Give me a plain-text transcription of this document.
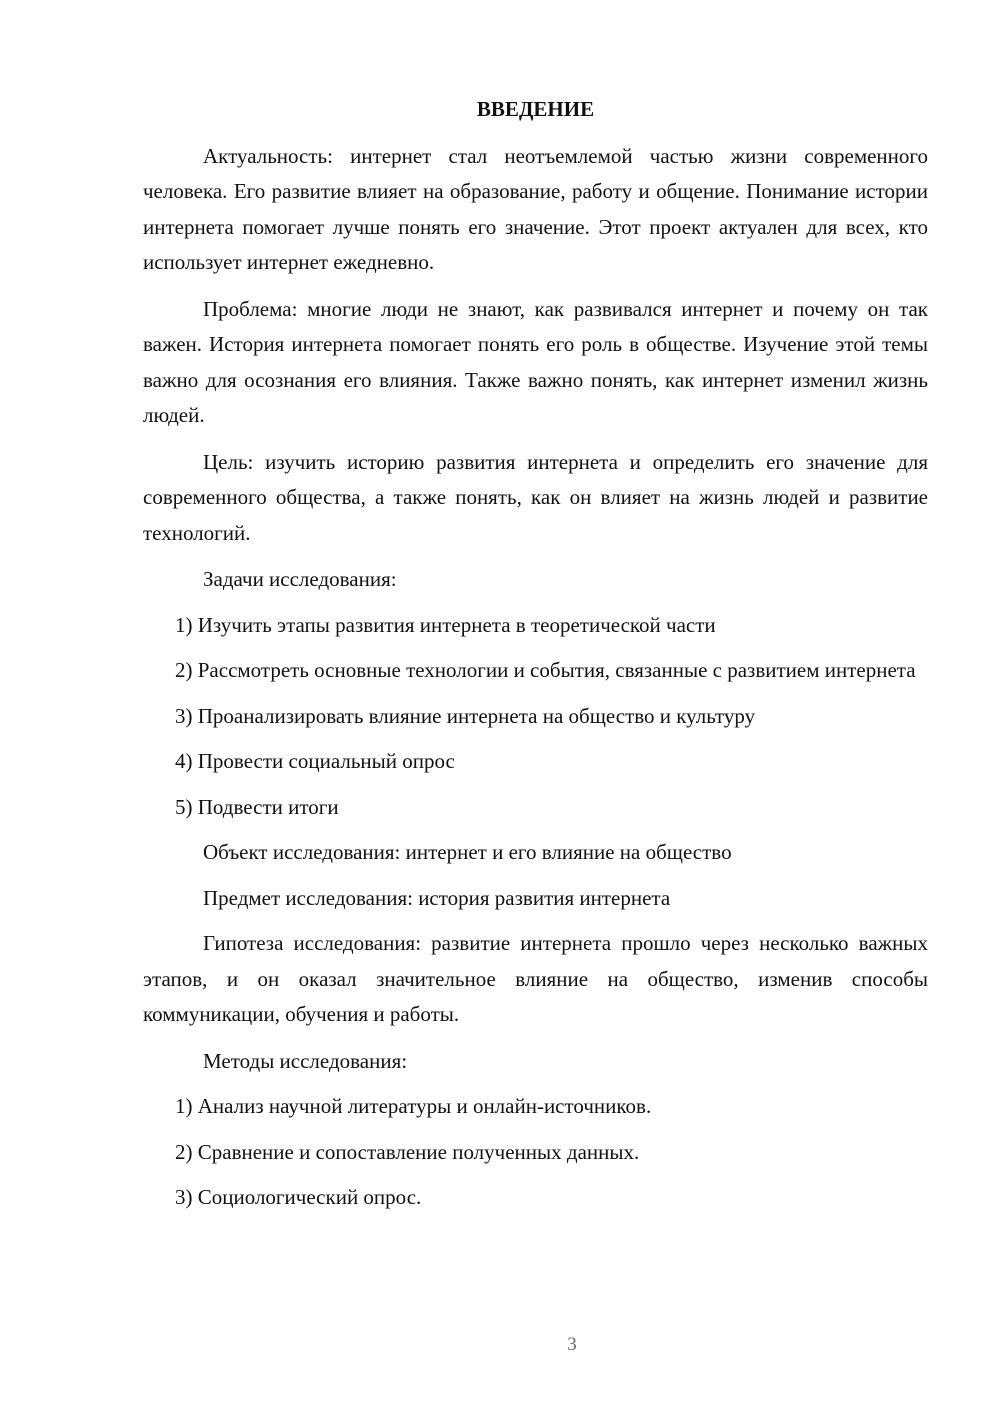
ВВЕДЕНИЕ
Актуальность: интернет стал неотъемлемой частью жизни современного человека. Его развитие влияет на образование, работу и общение. Понимание истории интернета помогает лучше понять его значение. Этот проект актуален для всех, кто использует интернет ежедневно.
Проблема: многие люди не знают, как развивался интернет и почему он так важен. История интернета помогает понять его роль в обществе. Изучение этой темы важно для осознания его влияния. Также важно понять, как интернет изменил жизнь людей.
Цель: изучить историю развития интернета и определить его значение для современного общества, а также понять, как он влияет на жизнь людей и развитие технологий.
Задачи исследования:
1) Изучить этапы развития интернета в теоретической части
2) Рассмотреть основные технологии и события, связанные с развитием интернета
3) Проанализировать влияние интернета на общество и культуру
4) Провести социальный опрос
5) Подвести итоги
Объект исследования: интернет и его влияние на общество
Предмет исследования: история развития интернета
Гипотеза исследования: развитие интернета прошло через несколько важных этапов, и он оказал значительное влияние на общество, изменив способы коммуникации, обучения и работы.
Методы исследования:
1) Анализ научной литературы и онлайн-источников.
2) Сравнение и сопоставление полученных данных.
3) Социологический опрос.
3
